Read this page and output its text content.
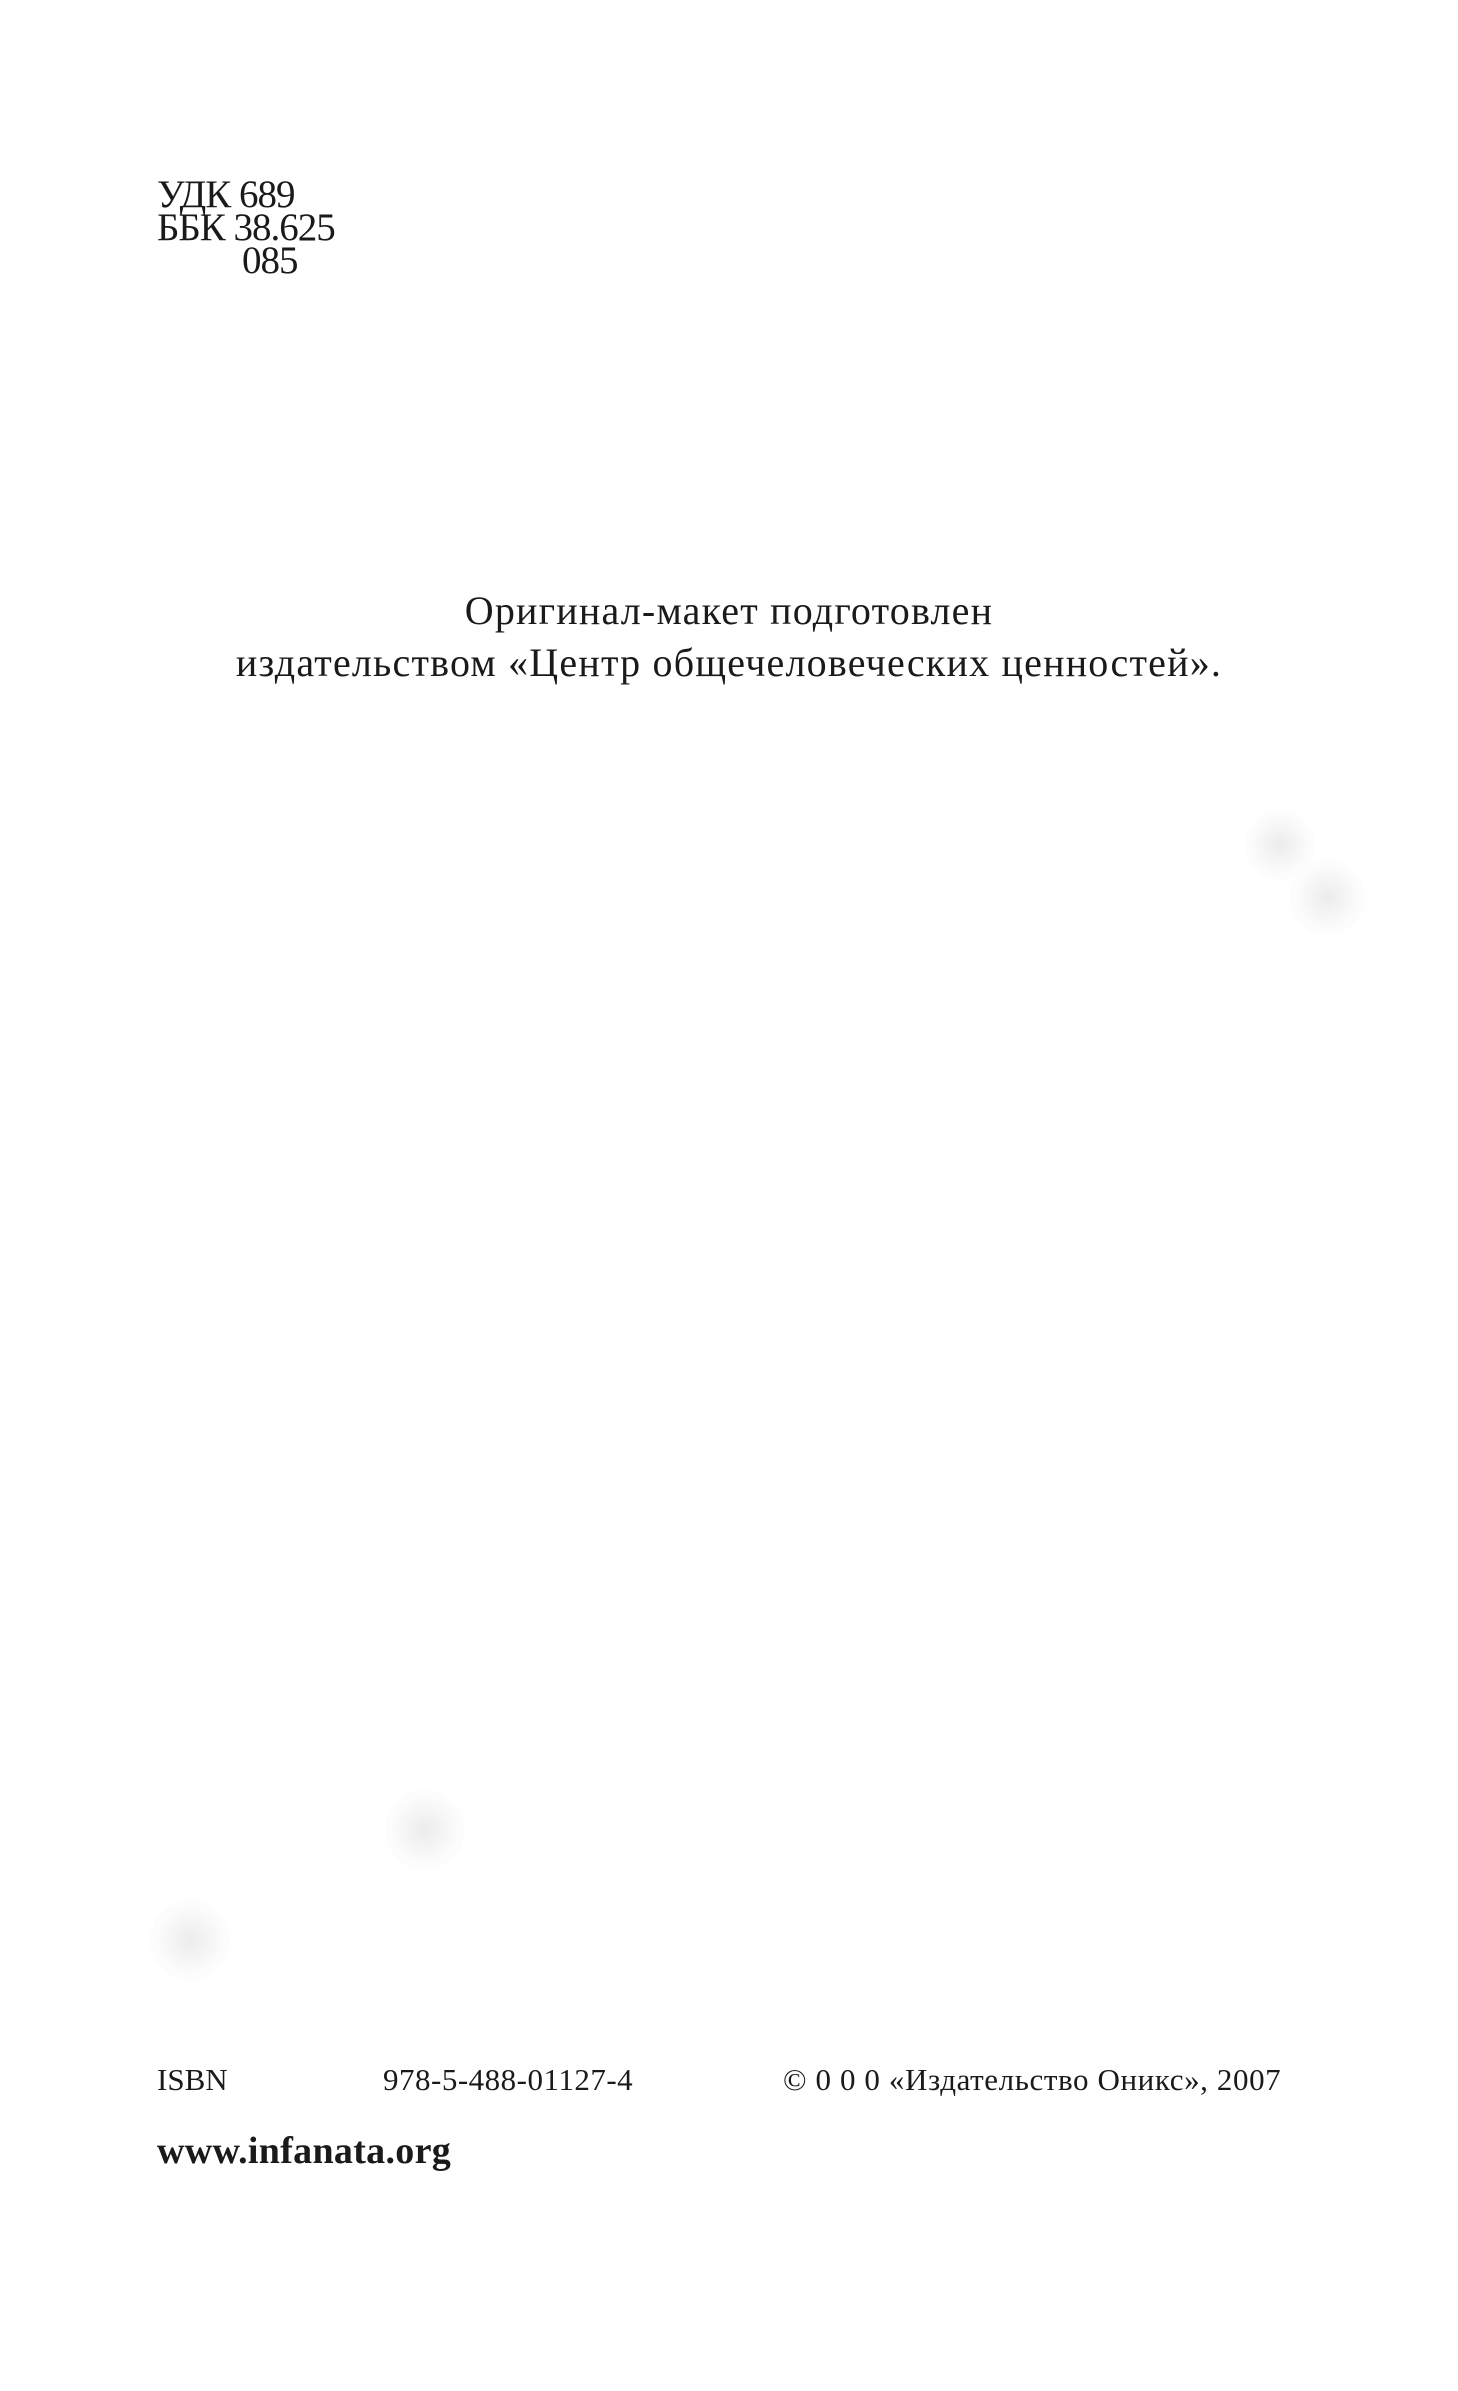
УДК 689
ББК 38.625
085
Оригинал-макет подготовлен
издательством «Центр общечеловеческих ценностей».
ISBN	978-5-488-01127-4	© 0 0 0 «Издательство Оникс», 2007
www.infanata.org
